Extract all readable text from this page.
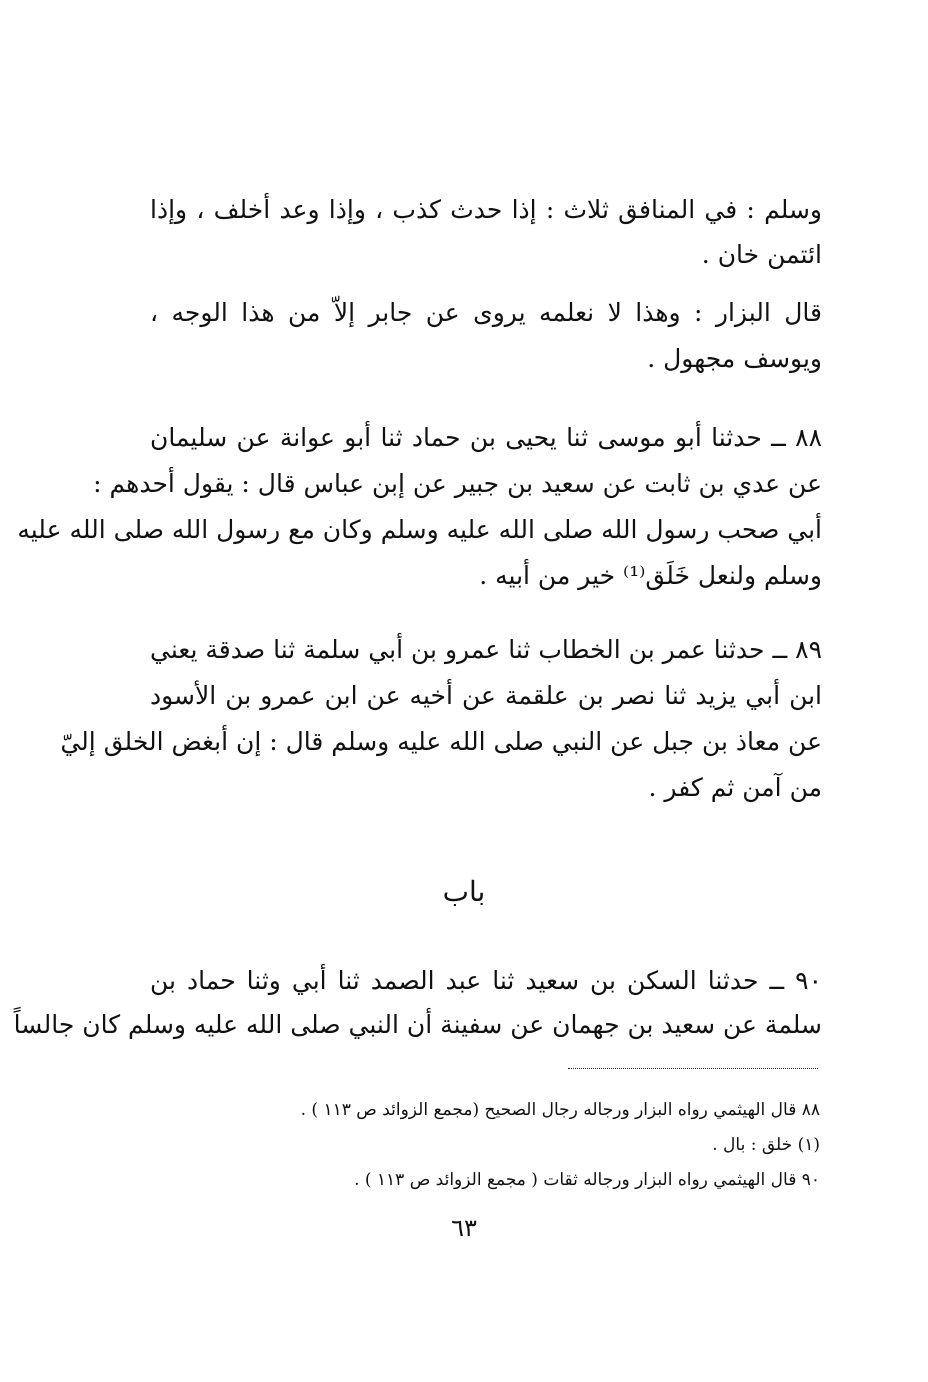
وسلم : في المنافق ثلاث : إذا حدث كذب ، وإذا وعد أخلف ، وإذا
ائتمن خان .
قال البزار : وهذا لا نعلمه يروى عن جابر إلاّ من هذا الوجه ،
ويوسف مجهول .
٨٨ ــ حدثنا أبو موسى ثنا يحيى بن حماد ثنا أبو عوانة عن سليمان
عن عدي بن ثابت عن سعيد بن جبير عن إبن عباس قال : يقول أحدهم :
أبي صحب رسول الله صلى الله عليه وسلم وكان مع رسول الله صلى الله عليه
وسلم ولنعل خَلَق⁽¹⁾ خير من أبيه .
٨٩ ــ حدثنا عمر بن الخطاب ثنا عمرو بن أبي سلمة ثنا صدقة يعني
ابن أبي يزيد ثنا نصر بن علقمة عن أخيه عن ابن عمرو بن الأسود
عن معاذ بن جبل عن النبي صلى الله عليه وسلم قال : إن أبغض الخلق إليّ
من آمن ثم كفر .
باب
٩٠ ــ حدثنا السكن بن سعيد ثنا عبد الصمد ثنا أبي وثنا حماد بن
سلمة عن سعيد بن جهمان عن سفينة أن النبي صلى الله عليه وسلم كان جالساً
٨٨ قال الهيثمي رواه البزار ورجاله رجال الصحيح (مجمع الزوائد ص ١١٣ ) .
(١) خلق : بال .
٩٠ قال الهيثمي رواه البزار ورجاله ثقات ( مجمع الزوائد ص ١١٣ ) .
٦٣
